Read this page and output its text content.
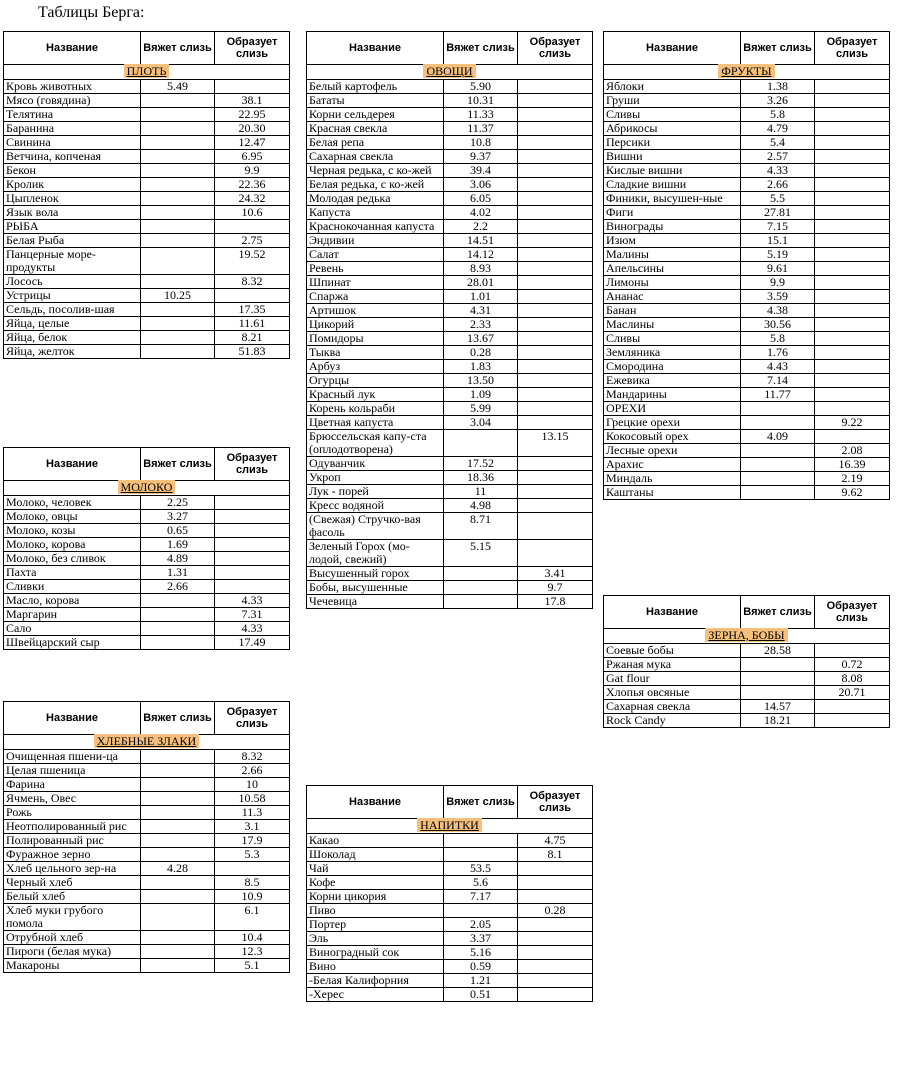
Таблицы Берга:
Название	Вяжет слизь	Образует слизь
ПЛОТЬ		
Кровь животных	5.49	
Мясо (говядина)		38.1
Телятина		22.95
Баранина		20.30
Свинина		12.47
Ветчина, копченая		6.95
Бекон		9.9
Кролик		22.36
Цыпленок		24.32
Язык вола		10.6
РЫБА		
Белая Рыба		2.75
Панцерные море-продукты		19.52
Лосось		8.32
Устрицы	10.25	
Сельдь, посолив-шая		17.35
Яйца, целые		11.61
Яйца, белок		8.21
Яйца, желток		51.83
Название	Вяжет слизь	Образует слизь
МОЛОКО		
Молоко, человек	2.25	
Молоко, овцы	3.27	
Молоко, козы	0.65	
Молоко, корова	1.69	
Молоко, без сливок	4.89	
Пахта	1.31	
Сливки	2.66	
Масло, корова		4.33
Маргарин		7.31
Сало		4.33
Швейцарский сыр		17.49
Название	Вяжет слизь	Образует слизь
ХЛЕБНЫЕ ЗЛАКИ		
Очищенная пшени-ца		8.32
Целая пшеница		2.66
Фарина		10
Ячмень, Овес		10.58
Рожь		11.3
Неотполированный рис		3.1
Полированный рис		17.9
Фуражное зерно		5.3
Хлеб цельного зер-на	4.28	
Черный хлеб		8.5
Белый хлеб		10.9
Хлеб муки грубого помола		6.1
Отрубной хлеб		10.4
Пироги (белая мука)		12.3
Макароны		5.1
Название	Вяжет слизь	Образует слизь
ОВОЩИ		
Белый картофель	5.90	
Бататы	10.31	
Корни сельдерея	11.33	
Красная свекла	11.37	
Белая репа	10.8	
Сахарная свекла	9.37	
Черная редька, с ко-жей	39.4	
Белая редька, с ко-жей	3.06	
Молодая редька	6.05	
Капуста	4.02	
Краснокочанная капуста	2.2	
Эндивии	14.51	
Салат	14.12	
Ревень	8.93	
Шпинат	28.01	
Спаржа	1.01	
Артишок	4.31	
Цикорий	2.33	
Помидоры	13.67	
Тыква	0.28	
Арбуз	1.83	
Огурцы	13.50	
Красный лук	1.09	
Корень кольраби	5.99	
Цветная капуста	3.04	
Брюссельская капу-ста (оплодотворена)		13.15
Одуванчик	17.52	
Укроп	18.36	
Лук - порей	11	
Кресс водяной	4.98	
(Свежая) Стручко-вая фасоль	8.71	
Зеленый Горох (мо-лодой, свежий)	5.15	
Высушенный горох		3.41
Бобы, высушенные		9.7
Чечевица		17.8
Название	Вяжет слизь	Образует слизь
НАПИТКИ		
Какао		4.75
Шоколад		8.1
Чай	53.5	
Кофе	5.6	
Корни цикория	7.17	
Пиво		0.28
Портер	2.05	
Эль	3.37	
Виноградный сок	5.16	
Вино	0.59	
-Белая Калифорния	1.21	
-Херес	0.51	
Название	Вяжет слизь	Образует слизь
ФРУКТЫ		
Яблоки	1.38	
Груши	3.26	
Сливы	5.8	
Абрикосы	4.79	
Персики	5.4	
Вишни	2.57	
Кислые вишни	4.33	
Сладкие вишни	2.66	
Финики, высушен-ные	5.5	
Фиги	27.81	
Винограды	7.15	
Изюм	15.1	
Малины	5.19	
Апельсины	9.61	
Лимоны	9.9	
Ананас	3.59	
Банан	4.38	
Маслины	30.56	
Сливы	5.8	
Земляника	1.76	
Смородина	4.43	
Ежевика	7.14	
Мандарины	11.77	
ОРЕХИ		
Грецкие орехи		9.22
Кокосовый орех	4.09	
Лесные орехи		2.08
Арахис		16.39
Миндаль		2.19
Каштаны		9.62
Название	Вяжет слизь	Образует слизь
ЗЕРНА, БОБЫ		
Соевые бобы	28.58	
Ржаная мука		0.72
Gat flour		8.08
Хлопья овсяные		20.71
Сахарная свекла	14.57	
Rock Candy	18.21	
